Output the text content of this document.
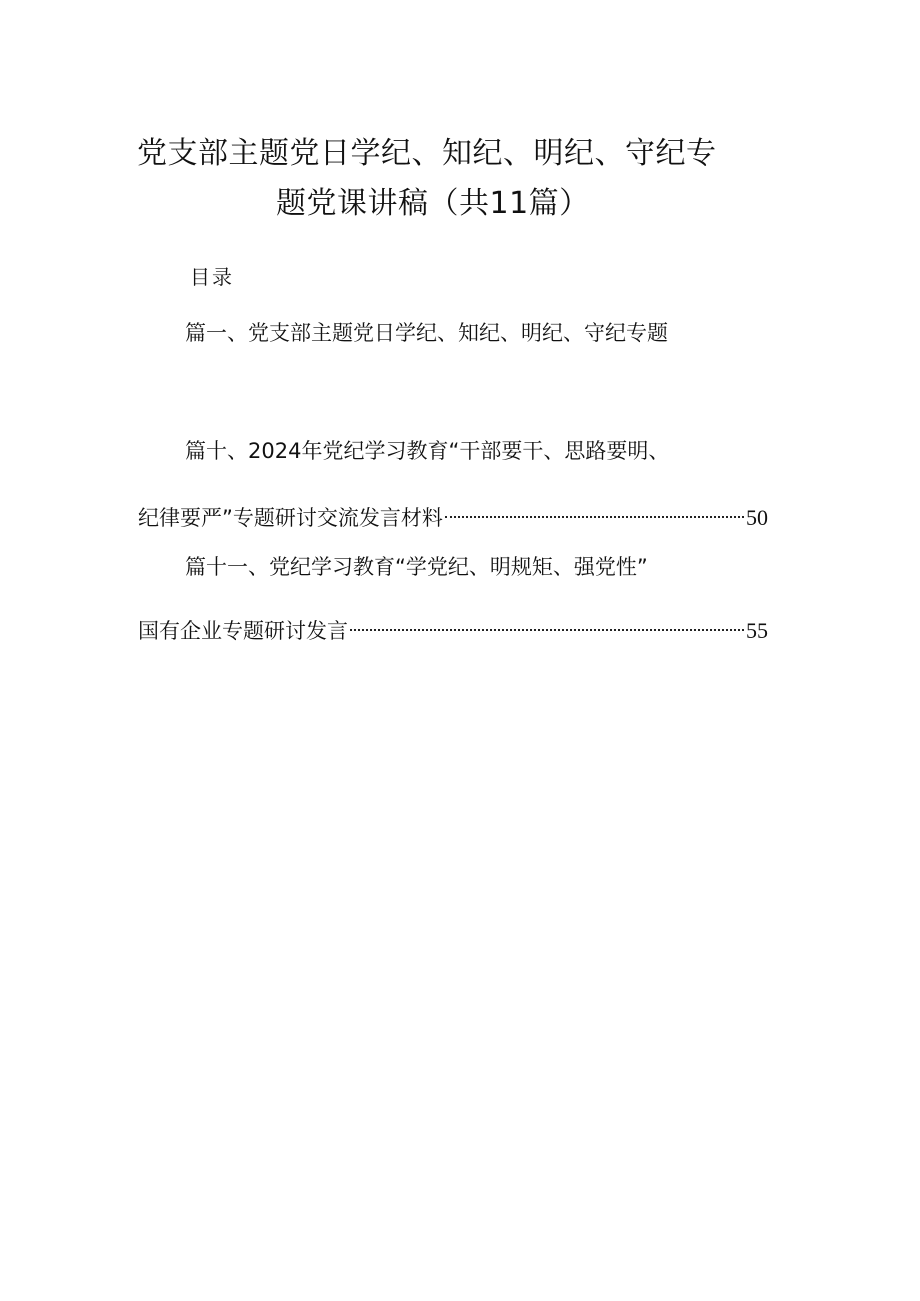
党支部主题党日学纪、知纪、明纪、守纪专
题党课讲稿（共11篇）
目录
篇一、党支部主题党日学纪、知纪、明纪、守纪专题
篇十、2024年党纪学习教育“干部要干、思路要明、
纪律要严”专题研讨交流发言材料	50
篇十一、党纪学习教育“学党纪、明规矩、强党性”
国有企业专题研讨发言	55
